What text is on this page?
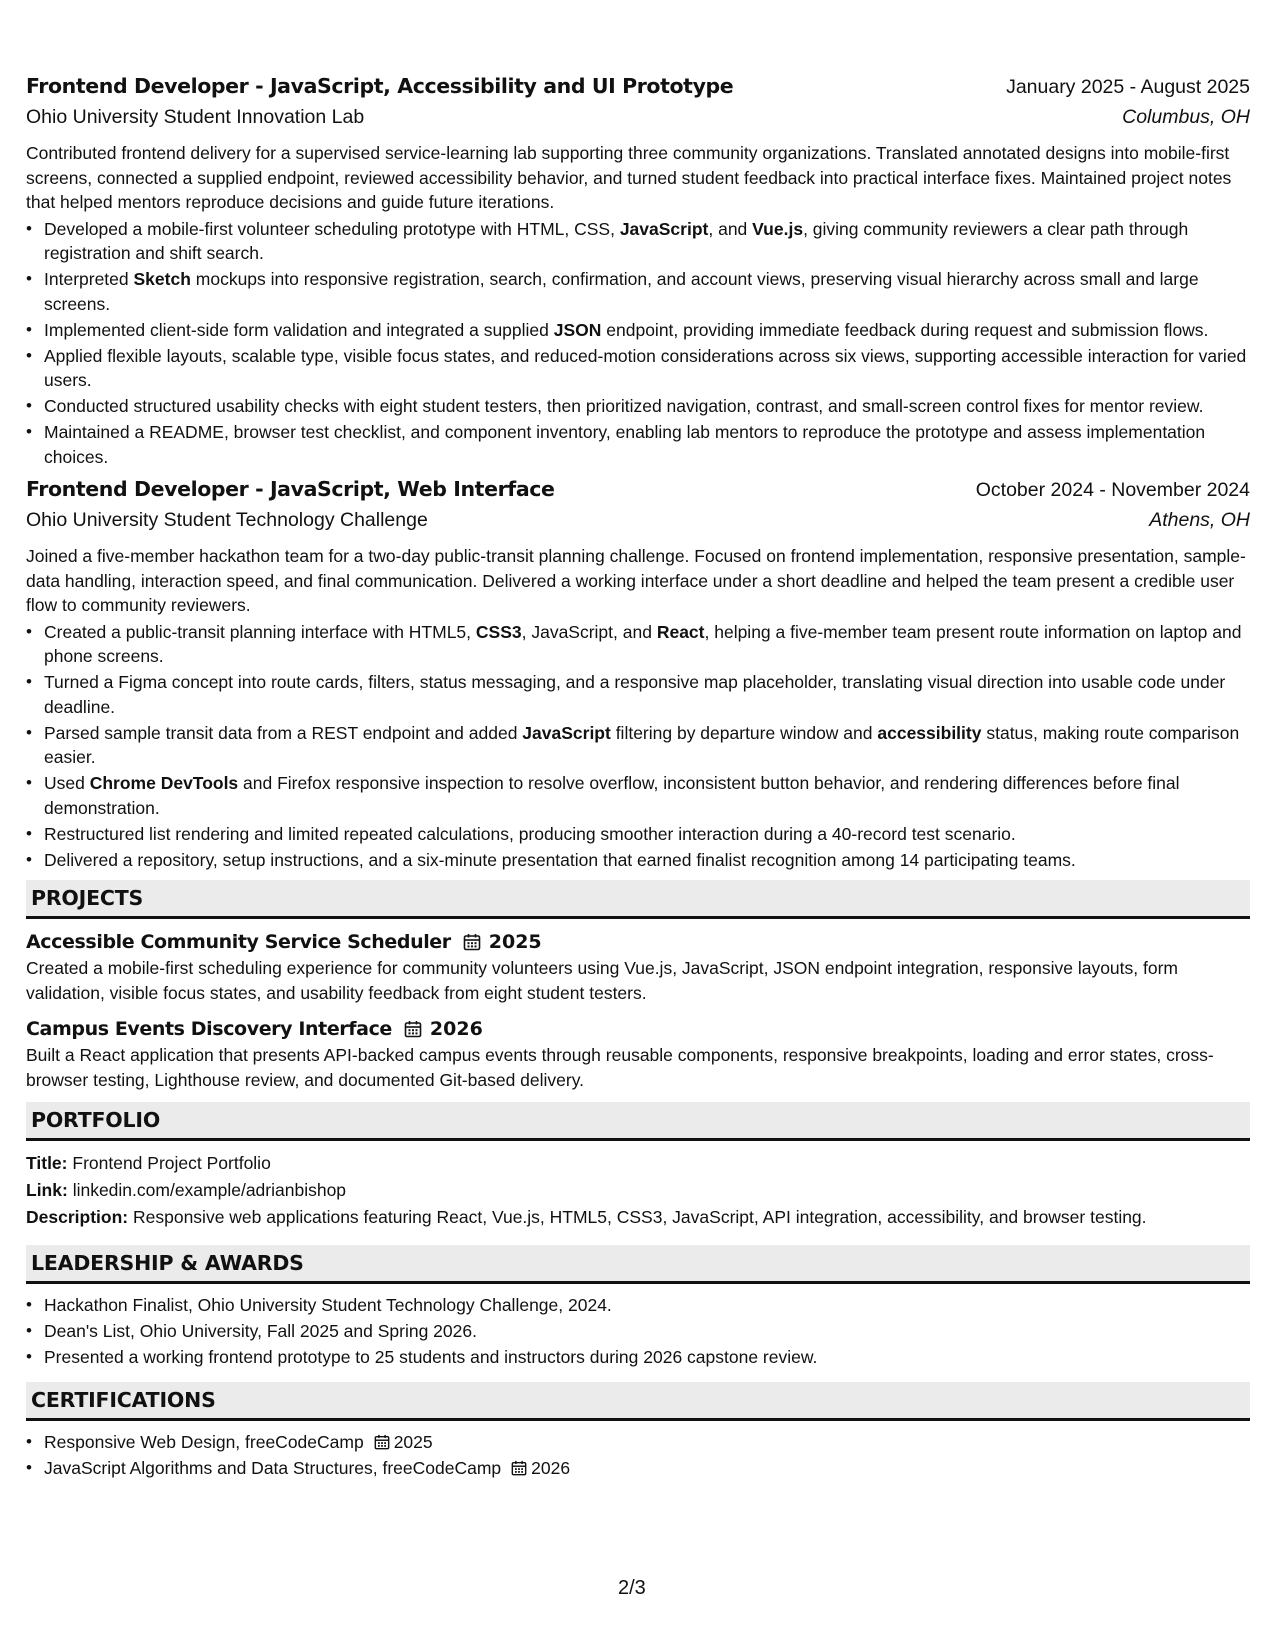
Frontend Developer - JavaScript, Accessibility and UI Prototype	January 2025 - August 2025
Ohio University Student Innovation Lab	Columbus, OH
Contributed frontend delivery for a supervised service-learning lab supporting three community organizations. Translated annotated designs into mobile-first screens, connected a supplied endpoint, reviewed accessibility behavior, and turned student feedback into practical interface fixes. Maintained project notes that helped mentors reproduce decisions and guide future iterations.
• Developed a mobile-first volunteer scheduling prototype with HTML, CSS, JavaScript, and Vue.js, giving community reviewers a clear path through registration and shift search.
• Interpreted Sketch mockups into responsive registration, search, confirmation, and account views, preserving visual hierarchy across small and large screens.
• Implemented client-side form validation and integrated a supplied JSON endpoint, providing immediate feedback during request and submission flows.
• Applied flexible layouts, scalable type, visible focus states, and reduced-motion considerations across six views, supporting accessible interaction for varied users.
• Conducted structured usability checks with eight student testers, then prioritized navigation, contrast, and small-screen control fixes for mentor review.
• Maintained a README, browser test checklist, and component inventory, enabling lab mentors to reproduce the prototype and assess implementation choices.
Frontend Developer - JavaScript, Web Interface	October 2024 - November 2024
Ohio University Student Technology Challenge	Athens, OH
Joined a five-member hackathon team for a two-day public-transit planning challenge. Focused on frontend implementation, responsive presentation, sample-data handling, interaction speed, and final communication. Delivered a working interface under a short deadline and helped the team present a credible user flow to community reviewers.
• Created a public-transit planning interface with HTML5, CSS3, JavaScript, and React, helping a five-member team present route information on laptop and phone screens.
• Turned a Figma concept into route cards, filters, status messaging, and a responsive map placeholder, translating visual direction into usable code under deadline.
• Parsed sample transit data from a REST endpoint and added JavaScript filtering by departure window and accessibility status, making route comparison easier.
• Used Chrome DevTools and Firefox responsive inspection to resolve overflow, inconsistent button behavior, and rendering differences before final demonstration.
• Restructured list rendering and limited repeated calculations, producing smoother interaction during a 40-record test scenario.
• Delivered a repository, setup instructions, and a six-minute presentation that earned finalist recognition among 14 participating teams.
PROJECTS
Accessible Community Service Scheduler 2025
Created a mobile-first scheduling experience for community volunteers using Vue.js, JavaScript, JSON endpoint integration, responsive layouts, form validation, visible focus states, and usability feedback from eight student testers.
Campus Events Discovery Interface 2026
Built a React application that presents API-backed campus events through reusable components, responsive breakpoints, loading and error states, cross-browser testing, Lighthouse review, and documented Git-based delivery.
PORTFOLIO
Title: Frontend Project Portfolio
Link: linkedin.com/example/adrianbishop
Description: Responsive web applications featuring React, Vue.js, HTML5, CSS3, JavaScript, API integration, accessibility, and browser testing.
LEADERSHIP & AWARDS
• Hackathon Finalist, Ohio University Student Technology Challenge, 2024.
• Dean's List, Ohio University, Fall 2025 and Spring 2026.
• Presented a working frontend prototype to 25 students and instructors during 2026 capstone review.
CERTIFICATIONS
• Responsive Web Design, freeCodeCamp 2025
• JavaScript Algorithms and Data Structures, freeCodeCamp 2026
2/3
